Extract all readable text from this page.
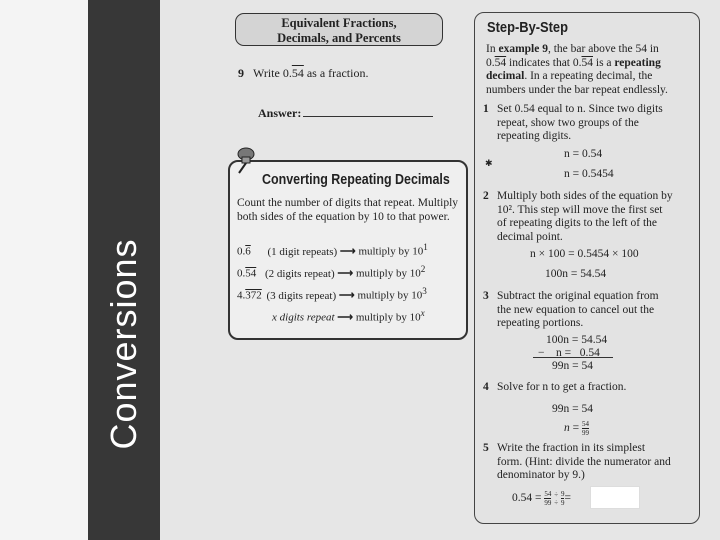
Conversions
Equivalent Fractions,
Decimals, and Percents
9 Write 0.54 as a fraction.
Answer:
Converting Repeating Decimals
Count the number of digits that repeat. Multiply both sides of the equation by 10 to that power.
0.6 (1 digit repeats) ⟶ multiply by $10^1$
0.54 (2 digits repeat) ⟶ multiply by $10^2$
4.372 (3 digits repeat) ⟶ multiply by $10^3$
x digits repeat ⟶ multiply by 10$^x$
Step-By-Step
In example 9, the bar above the 54 in
0.54 indicates that 0.54 is a repeating
decimal. In a repeating decimal, the
numbers under the bar repeat endlessly.
1 Set 0.54 equal to n. Since two digits
repeat, show two groups of the
repeating digits.
n = 0.54
✱
n = 0.5454
2 Multiply both sides of the equation by
10². This step will move the first set
of repeating digits to the left of the
decimal point.
n × 100 = 0.5454 × 100
100n = 54.54
3 Subtract the original equation from
the new equation to cancel out the
repeating portions.
100n = 54.54
−    n =   0.54
99n = 54
4 Solve for n to get a fraction.
99n = 54
$n = \frac{54}{99}$
5 Write the fraction in its simplest
form. (Hint: divide the numerator and
denominator by 9.)
$0.54 = \frac{54}{99}$
÷
÷
$\frac{9}{9}$ =
